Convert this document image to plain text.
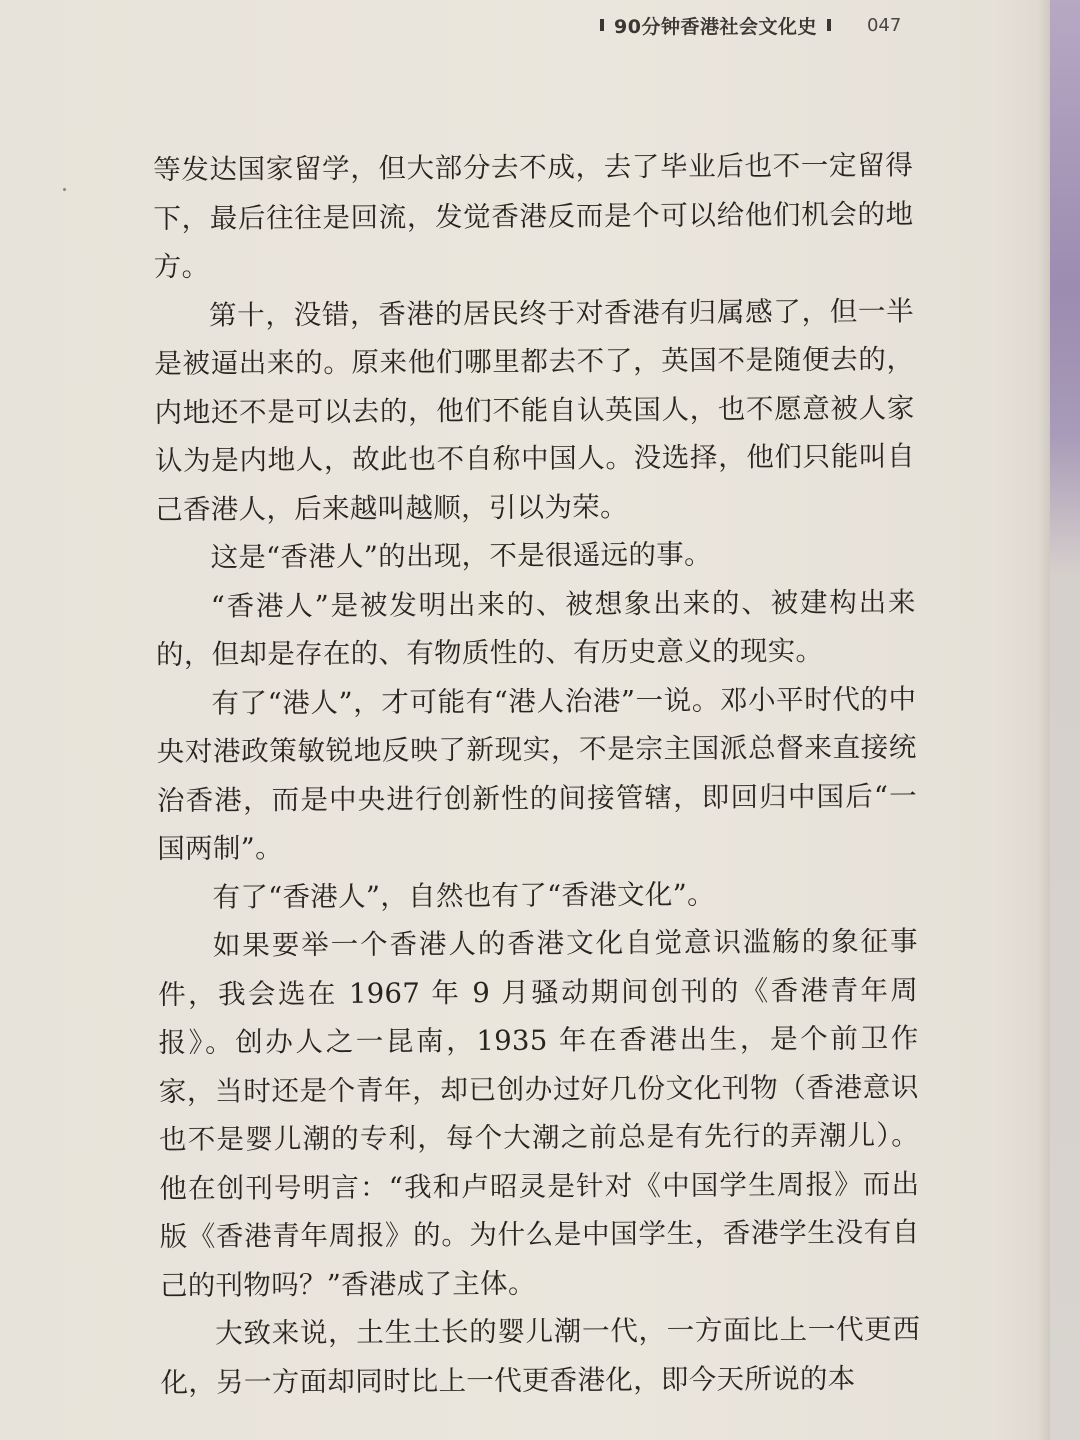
90分钟香港社会文化史	047

等发达国家留学，但大部分去不成，去了毕业后也不一定留得下，最后往往是回流，发觉香港反而是个可以给他们机会的地方。

第十，没错，香港的居民终于对香港有归属感了，但一半是被逼出来的。原来他们哪里都去不了，英国不是随便去的，内地还不是可以去的，他们不能自认英国人，也不愿意被人家认为是内地人，故此也不自称中国人。没选择，他们只能叫自己香港人，后来越叫越顺，引以为荣。

这是“香港人”的出现，不是很遥远的事。

“香港人”是被发明出来的、被想象出来的、被建构出来的，但却是存在的、有物质性的、有历史意义的现实。

有了“港人”，才可能有“港人治港”一说。邓小平时代的中央对港政策敏锐地反映了新现实，不是宗主国派总督来直接统治香港，而是中央进行创新性的间接管辖，即回归中国后“一国两制”。

有了“香港人”，自然也有了“香港文化”。

如果要举一个香港人的香港文化自觉意识滥觞的象征事件，我会选在 1967 年 9 月骚动期间创刊的《香港青年周报》。创办人之一昆南，1935 年在香港出生，是个前卫作家，当时还是个青年，却已创办过好几份文化刊物（香港意识也不是婴儿潮的专利，每个大潮之前总是有先行的弄潮儿）。他在创刊号明言：“我和卢昭灵是针对《中国学生周报》而出版《香港青年周报》的。为什么是中国学生，香港学生没有自己的刊物吗？”香港成了主体。

大致来说，土生土长的婴儿潮一代，一方面比上一代更西化，另一方面却同时比上一代更香港化，即今天所说的本
